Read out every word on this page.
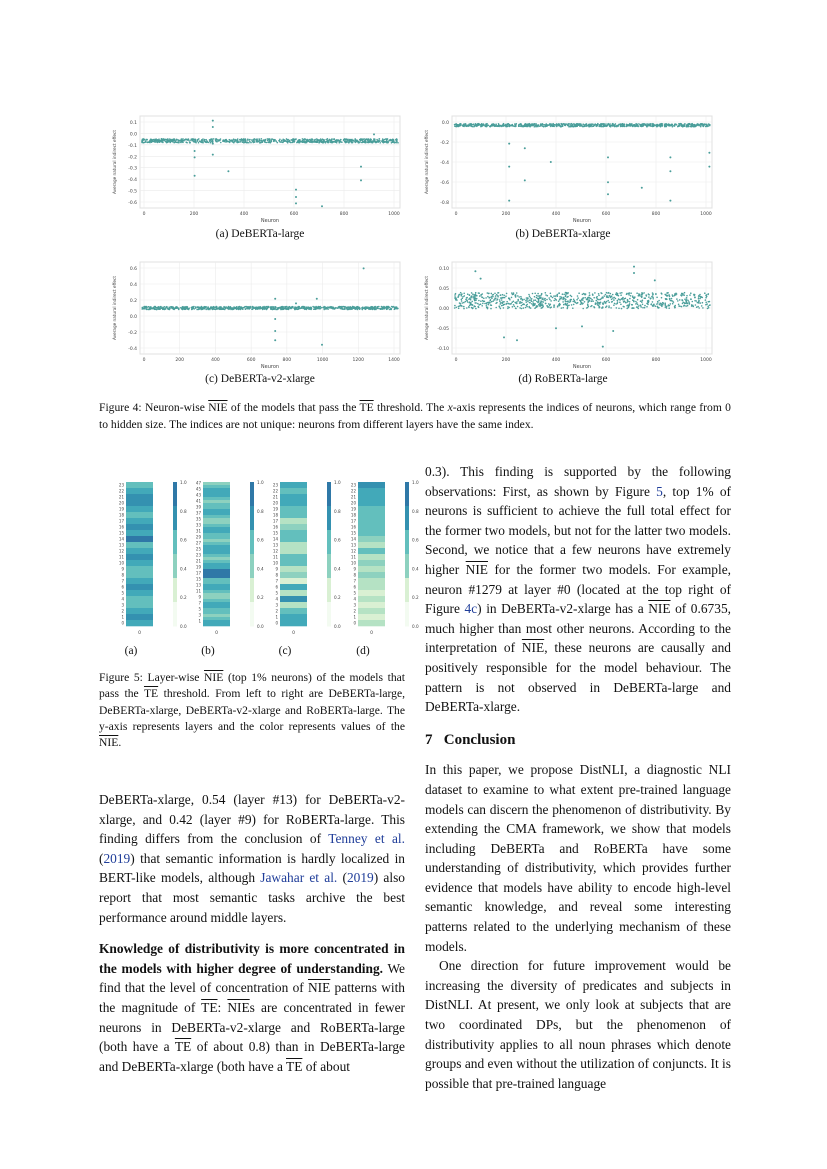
0.1
0.0
-0.1
-0.2
-0.3
-0.4
-0.5
-0.6
0	200	400	600	800	1000
Neuron
Average natural indirect effect
0.0
-0.2
-0.4
-0.6
-0.8
0	200	400	600	800	1000
Neuron
Average natural indirect effect
0.6
0.4
0.2
0.0
-0.2
-0.4
0	200	400	600	800	1000	1200	1400
Neuron
Average natural indirect effect
0.10
0.05
0.00
-0.05
-0.10
0	200	400	600	800	1000
Neuron
Average natural indirect effect
(a) DeBERTa-large	(b) DeBERTa-xlarge
(c) DeBERTa-v2-xlarge	(d) RoBERTa-large
Figure 4: Neuron-wise $\overline{NIE}$ of the models that pass the $\overline{TE}$ threshold. The x-axis represents the indices of neurons, which range from 0 to hidden size. The indices are not unique: neurons from different layers have the same index.
23
22
21
20
19
18
17
16
15
14
13
12
11
10
9
8
7
6
5
4
3
2
1
0
0
1.0
0.8
0.6
0.4
0.2
0.0
47
45
43
41
39
37
35
33
31
29
27
25
23
21
19
17
15
13
11
9
7
5
3
1
0
1.0
0.8
0.6
0.4
0.2
0.0
23
22
21
20
19
18
17
16
15
14
13
12
11
10
9
8
7
6
5
4
3
2
1
0
0
1.0
0.8
0.6
0.4
0.2
0.0
23
22
21
20
19
18
17
16
15
14
13
12
11
10
9
8
7
6
5
4
3
2
1
0
0
1.0
0.8
0.6
0.4
0.2
0.0
(a)	(b)	(c)	(d)
Figure 5: Layer-wise $\overline{NIE}$ (top 1% neurons) of the models that pass the $\overline{TE}$ threshold. From left to right are DeBERTa-large, DeBERTa-xlarge, DeBERTa-v2-xlarge and RoBERTa-large. The y-axis represents layers and the color represents values of the $\overline{NIE}$.

DeBERTa-xlarge, 0.54 (layer #13) for DeBERTa-v2-xlarge, and 0.42 (layer #9) for RoBERTa-large. This finding differs from the conclusion of Tenney et al. (2019) that semantic information is hardly localized in BERT-like models, although Jawahar et al. (2019) also report that most semantic tasks archive the best performance around middle layers.

Knowledge of distributivity is more concentrated in the models with higher degree of understanding. We find that the level of concentration of $\overline{NIE}$ patterns with the magnitude of $\overline{TE}$: $\overline{NIE}s$ are concentrated in fewer neurons in DeBERTa-v2-xlarge and RoBERTa-large (both have a $\overline{TE}$ of about 0.8) than in DeBERTa-large and DeBERTa-xlarge (both have a $\overline{TE}$ of about

0.3). This finding is supported by the following observations: First, as shown by Figure 5, top 1% of neurons is sufficient to achieve the full total effect for the former two models, but not for the latter two models. Second, we notice that a few neurons have extremely higher $\overline{NIE}$ for the former two models. For example, neuron #1279 at layer #0 (located at the top right of Figure 4c) in DeBERTa-v2-xlarge has a $\overline{NIE}$ of 0.6735, much higher than most other neurons. According to the interpretation of $\overline{NIE}$, these neurons are causally and positively responsible for the model behaviour. The pattern is not observed in DeBERTa-large and DeBERTa-xlarge.

7 Conclusion

In this paper, we propose DistNLI, a diagnostic NLI dataset to examine to what extent pre-trained language models can discern the phenomenon of distributivity. By extending the CMA framework, we show that models including DeBERTa and RoBERTa have some understanding of distributivity, which provides further evidence that models have ability to encode high-level semantic knowledge, and reveal some interesting patterns related to the underlying mechanism of these models.

One direction for future improvement would be increasing the diversity of predicates and subjects in DistNLI. At present, we only look at subjects that are two coordinated DPs, but the phenomenon of distributivity applies to all noun phrases which denote groups and even without the utilization of conjuncts. It is possible that pre-trained language
